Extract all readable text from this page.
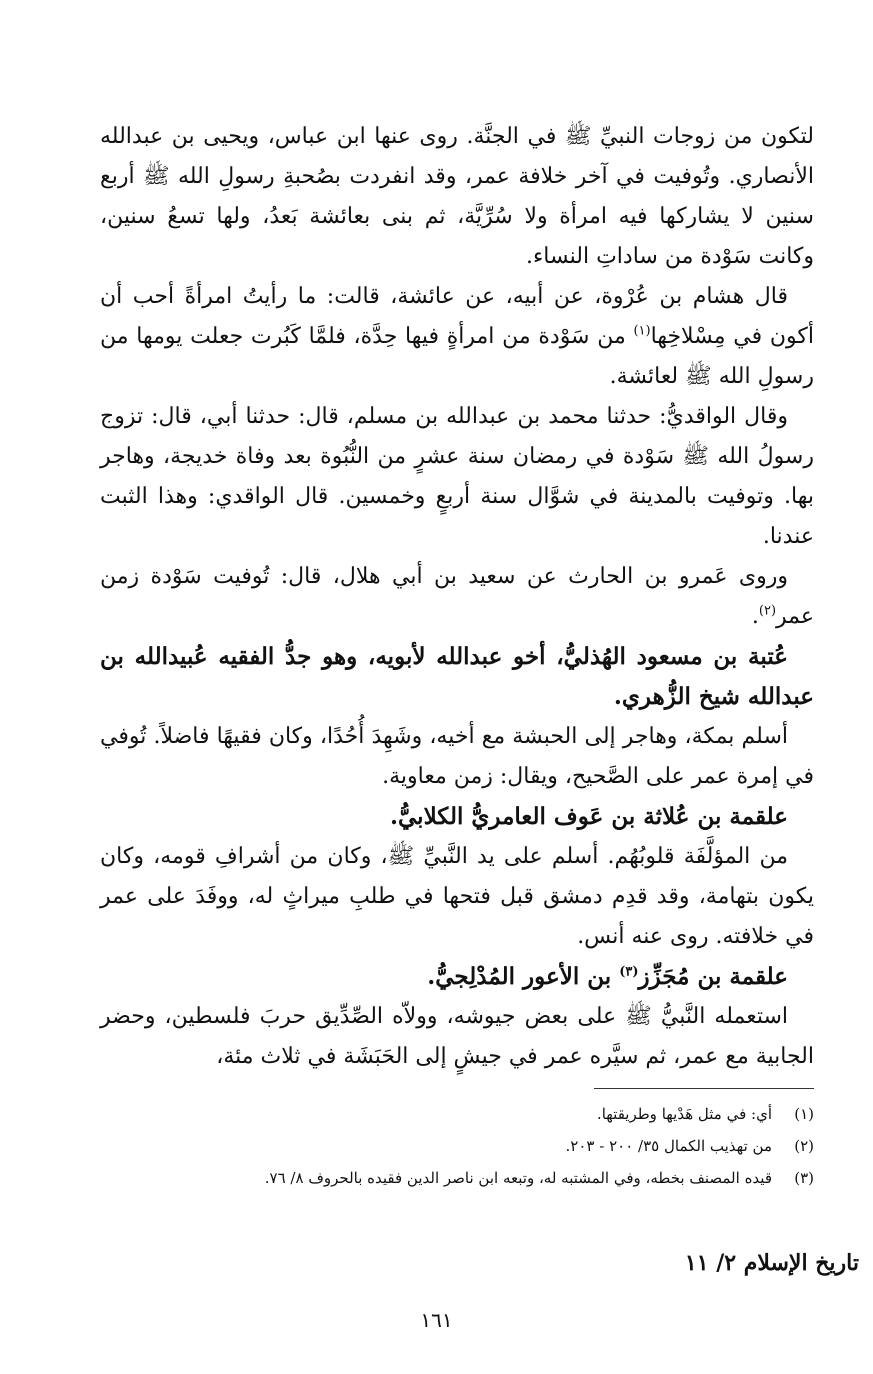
لتكون من زوجات النبيِّ ﷺ في الجنَّة. روى عنها ابن عباس، ويحيى بن عبدالله الأنصاري. وتُوفيت في آخر خلافة عمر، وقد انفردت بصُحبةِ رسولِ الله ﷺ أربع سنين لا يشاركها فيه امرأة ولا سُرِّيَّة، ثم بنى بعائشة بَعدُ، ولها تسعُ سنين، وكانت سَوْدة من ساداتِ النساء.

قال هشام بن عُرْوة، عن أبيه، عن عائشة، قالت: ما رأيتُ امرأةً أحب أن أكون في مِسْلاخِها$^{(١)}$ من سَوْدة من امرأةٍ فيها حِدَّة، فلمَّا كَبُرت جعلت يومها من رسولِ الله ﷺ لعائشة.

وقال الواقديُّ: حدثنا محمد بن عبدالله بن مسلم، قال: حدثنا أبي، قال: تزوج رسولُ الله ﷺ سَوْدة في رمضان سنة عشرٍ من النُّبُوة بعد وفاة خديجة، وهاجر بها. وتوفيت بالمدينة في شوَّال سنة أربعٍ وخمسين. قال الواقدي: وهذا الثبت عندنا.

وروى عَمرو بن الحارث عن سعيد بن أبي هلال، قال: تُوفيت سَوْدة زمن عمر$^{(٢)}$.

عُتبة بن مسعود الهُذليُّ، أخو عبدالله لأبويه، وهو جدُّ الفقيه عُبيدالله بن عبدالله شيخ الزُّهري.

أسلم بمكة، وهاجر إلى الحبشة مع أخيه، وشَهِدَ أُحُدًا، وكان فقيهًا فاضلاً. تُوفي في إمرة عمر على الصَّحيح، ويقال: زمن معاوية.

علقمة بن عُلاثة بن عَوف العامريُّ الكلابيُّ.

من المؤلَّفَة قلوبُهُم. أسلم على يد النَّبيِّ ﷺ، وكان من أشرافِ قومه، وكان يكون بتهامة، وقد قدِم دمشق قبل فتحها في طلبِ ميراثٍ له، ووفَدَ على عمر في خلافته. روى عنه أنس.

علقمة بن مُجَزِّز$^{(٣)}$ بن الأعور المُدْلِجيُّ.

استعمله النَّبيُّ ﷺ على بعض جيوشه، وولاّه الصِّدِّيق حربَ فلسطين، وحضر الجابية مع عمر، ثم سيَّره عمر في جيشٍ إلى الحَبَشَة في ثلاث مئة،

(١)
أي: في مثل هَدْيها وطريقتها.
(٢)
من تهذيب الكمال ٣٥/ ٢٠٠ - ٢٠٣.
(٣)
قيده المصنف بخطه، وفي المشتبه له، وتبعه ابن ناصر الدين فقيده بالحروف ٨/ ٧٦.
تاريخ الإسلام ٢/ ١١
١٦١
